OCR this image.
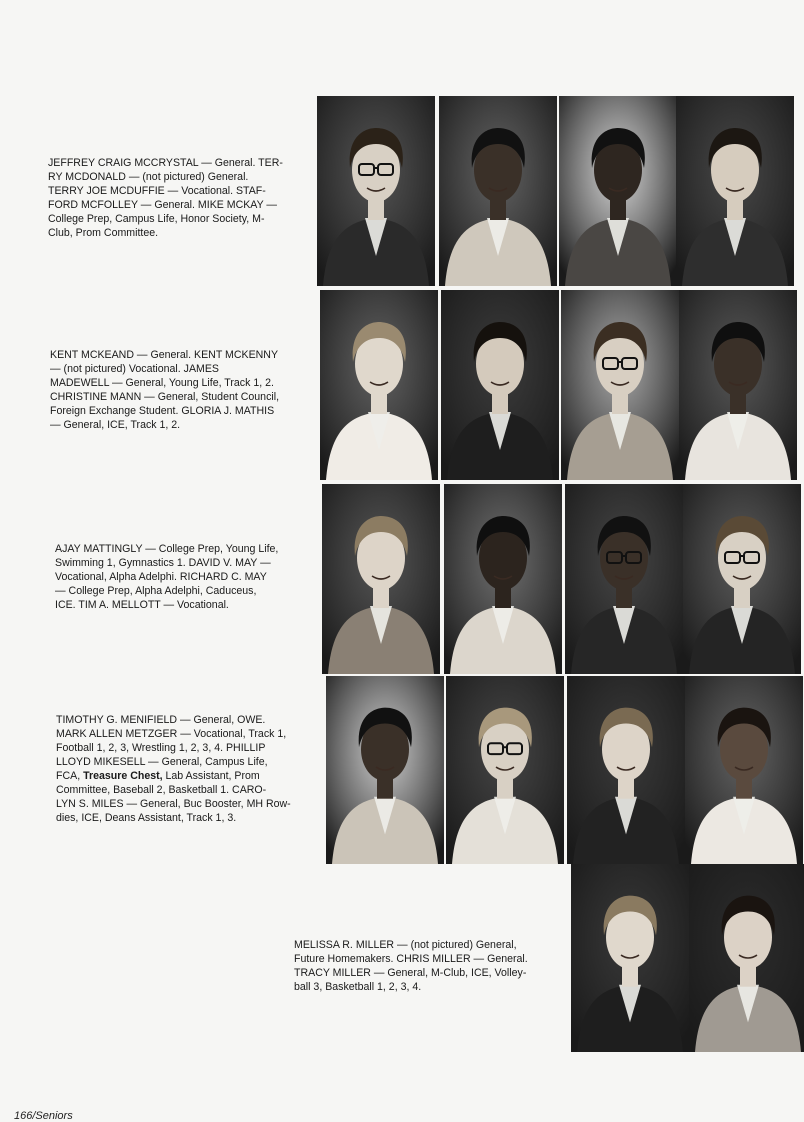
JEFFREY CRAIG MCCRYSTAL — General. TER-
RY MCDONALD — (not pictured) General.
TERRY JOE MCDUFFIE — Vocational. STAF-
FORD MCFOLLEY — General. MIKE MCKAY —
College Prep, Campus Life, Honor Society, M-
Club, Prom Committee.
KENT MCKEAND — General. KENT MCKENNY
— (not pictured) Vocational. JAMES
MADEWELL — General, Young Life, Track 1, 2.
CHRISTINE MANN — General, Student Council,
Foreign Exchange Student. GLORIA J. MATHIS
— General, ICE, Track 1, 2.
AJAY MATTINGLY — College Prep, Young Life,
Swimming 1, Gymnastics 1. DAVID V. MAY —
Vocational, Alpha Adelphi. RICHARD C. MAY
— College Prep, Alpha Adelphi, Caduceus,
ICE. TIM A. MELLOTT — Vocational.
TIMOTHY G. MENIFIELD — General, OWE.
MARK ALLEN METZGER — Vocational, Track 1,
Football 1, 2, 3, Wrestling 1, 2, 3, 4. PHILLIP
LLOYD MIKESELL — General, Campus Life,
FCA, Treasure Chest, Lab Assistant, Prom
Committee, Baseball 2, Basketball 1. CARO-
LYN S. MILES — General, Buc Booster, MH Row-
dies, ICE, Deans Assistant, Track 1, 3.
MELISSA R. MILLER — (not pictured) General,
Future Homemakers. CHRIS MILLER — General.
TRACY MILLER — General, M-Club, ICE, Volley-
ball 3, Basketball 1, 2, 3, 4.
166/Seniors
